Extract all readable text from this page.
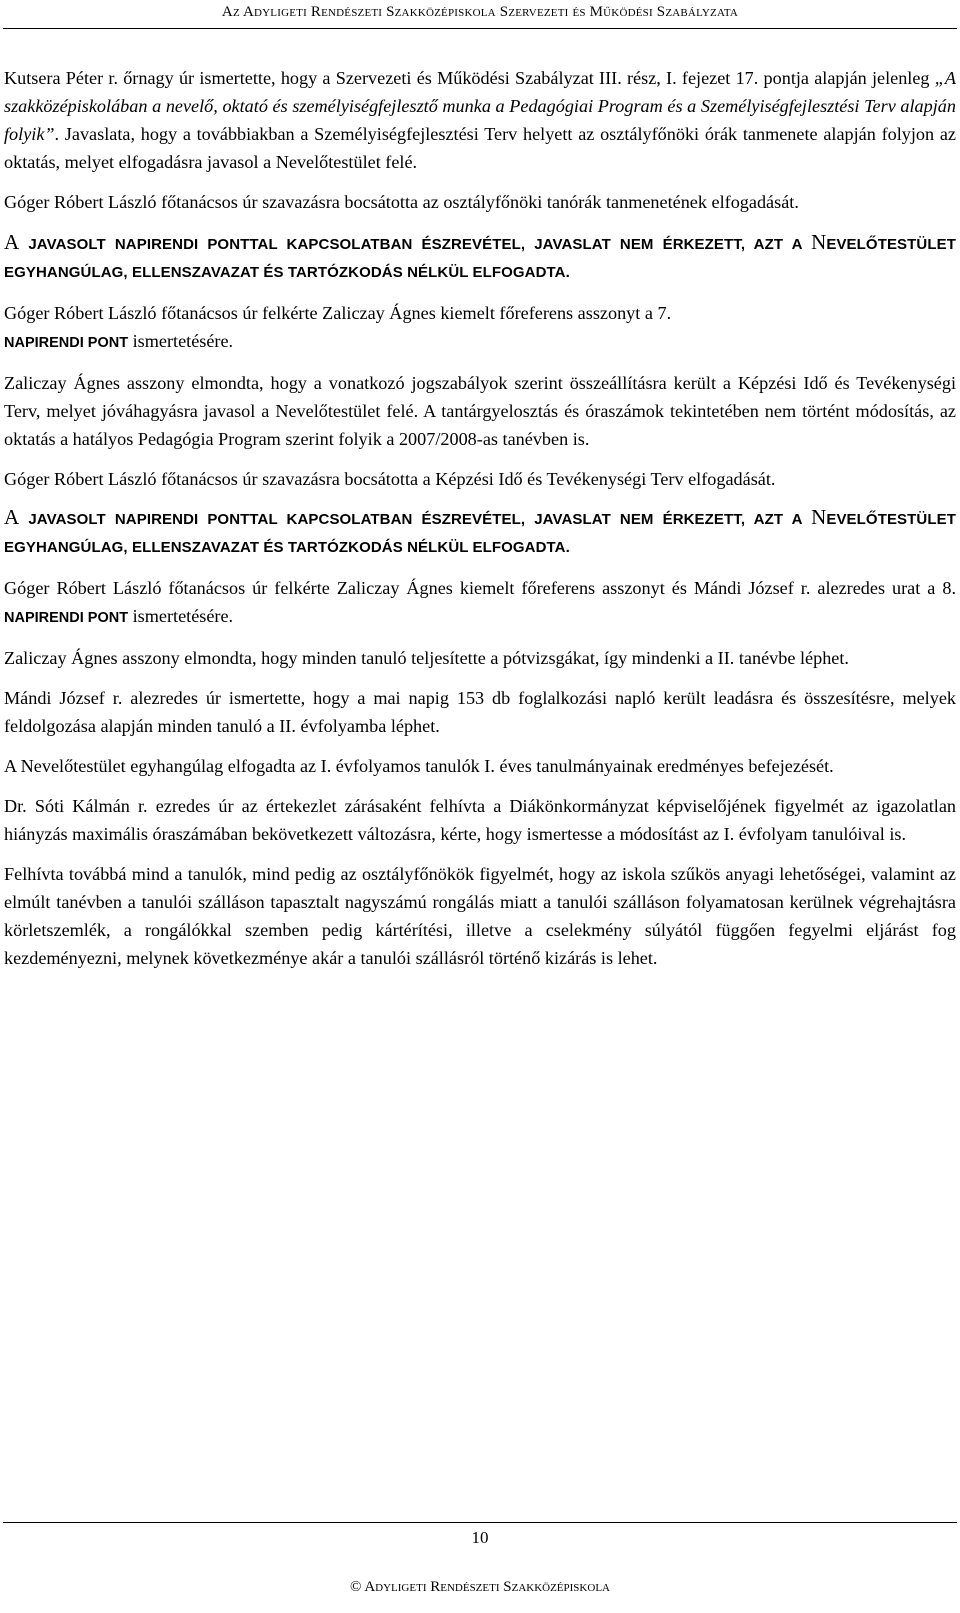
Az Adyligeti Rendészeti Szakközépiskola Szervezeti és Működési Szabályzata

Kutsera Péter r. őrnagy úr ismertette, hogy a Szervezeti és Működési Szabályzat III. rész, I. fejezet 17. pontja alapján jelenleg „A szakközépiskolában a nevelő, oktató és személyiségfejlesztő munka a Pedagógiai Program és a Személyiségfejlesztési Terv alapján folyik”. Javaslata, hogy a továbbiakban a Személyiségfejlesztési Terv helyett az osztályfőnöki órák tanmenete alapján folyjon az oktatás, melyet elfogadásra javasol a Nevelőtestület felé.

Góger Róbert László főtanácsos úr szavazásra bocsátotta az osztályfőnöki tanórák tanmenetének elfogadását.

A JAVASOLT NAPIRENDI PONTTAL KAPCSOLATBAN ÉSZREVÉTEL, JAVASLAT NEM ÉRKEZETT, AZT A NEVELŐTESTÜLET EGYHANGÚLAG, ELLENSZAVAZAT ÉS TARTÓZKODÁS NÉLKÜL ELFOGADTA.

Góger Róbert László főtanácsos úr felkérte Zaliczay Ágnes kiemelt főreferens asszonyt a 7.
NAPIRENDI PONT ismertetésére.

Zaliczay Ágnes asszony elmondta, hogy a vonatkozó jogszabályok szerint összeállításra került a Képzési Idő és Tevékenységi Terv, melyet jóváhagyásra javasol a Nevelőtestület felé. A tantárgyelosztás és óraszámok tekintetében nem történt módosítás, az oktatás a hatályos Pedagógia Program szerint folyik a 2007/2008-as tanévben is.

Góger Róbert László főtanácsos úr szavazásra bocsátotta a Képzési Idő és Tevékenységi Terv elfogadását.

A JAVASOLT NAPIRENDI PONTTAL KAPCSOLATBAN ÉSZREVÉTEL, JAVASLAT NEM ÉRKEZETT, AZT A NEVELŐTESTÜLET EGYHANGÚLAG, ELLENSZAVAZAT ÉS TARTÓZKODÁS NÉLKÜL ELFOGADTA.

Góger Róbert László főtanácsos úr felkérte Zaliczay Ágnes kiemelt főreferens asszonyt és Mándi József r. alezredes urat a 8. NAPIRENDI PONT ismertetésére.

Zaliczay Ágnes asszony elmondta, hogy minden tanuló teljesítette a pótvizsgákat, így mindenki a II. tanévbe léphet.

Mándi József r. alezredes úr ismertette, hogy a mai napig 153 db foglalkozási napló került leadásra és összesítésre, melyek feldolgozása alapján minden tanuló a II. évfolyamba léphet.

A Nevelőtestület egyhangúlag elfogadta az I. évfolyamos tanulók I. éves tanulmányainak eredményes befejezését.

Dr. Sóti Kálmán r. ezredes úr az értekezlet zárásaként felhívta a Diákönkormányzat képviselőjének figyelmét az igazolatlan hiányzás maximális óraszámában bekövetkezett változásra, kérte, hogy ismertesse a módosítást az I. évfolyam tanulóival is.

Felhívta továbbá mind a tanulók, mind pedig az osztályfőnökök figyelmét, hogy az iskola szűkös anyagi lehetőségei, valamint az elmúlt tanévben a tanulói szálláson tapasztalt nagyszámú rongálás miatt a tanulói szálláson folyamatosan kerülnek végrehajtásra körletszemlék, a rongálókkal szemben pedig kártérítési, illetve a cselekmény súlyától függően fegyelmi eljárást fog kezdeményezni, melynek következménye akár a tanulói szállásról történő kizárás is lehet.

10
© Adyligeti Rendészeti Szakközépiskola
